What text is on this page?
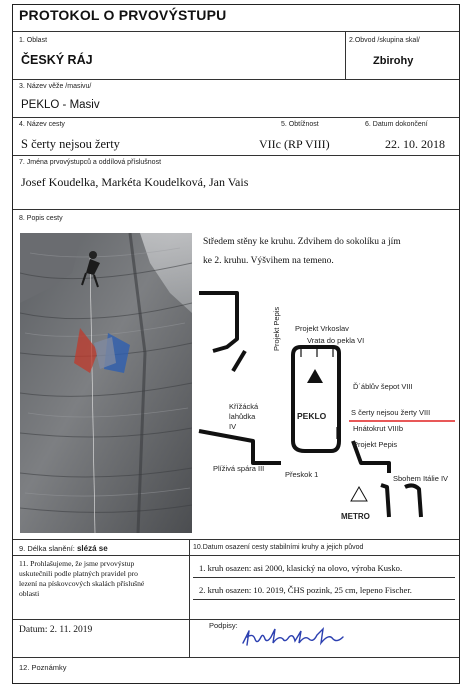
PROTOKOL O PRVOVÝSTUPU
1. Oblast
ČESKÝ RÁJ
2.Obvod /skupina skal/
Zbirohy
3. Název věže /masivu/
PEKLO - Masiv
4. Název cesty
S čerty nejsou žerty
5. Obtížnost
VIIc (RP VIII)
6. Datum dokončení
22. 10. 2018
7. Jména prvovýstupců a oddílová příslušnost
Josef Koudelka, Markéta Koudelková, Jan Vais
8. Popis cesty
Středem stěny ke kruhu. Zdvihem do sokolíku a jím
ke 2. kruhu. Výšvihem na temeno.
Projekt Pepis Projekt Vrkoslav
Vrata do pekla VI
Ď´áblův šepot VIII
Křížácká
lahůdka
IV
PEKLO	S čerty nejsou žerty VIII
Hnátokrut VIIIb
Projekt Pepis
Plíživá spára III
Přeskok 1	Sbohem Itálie IV
METRO
9. Délka slanění: slézá se	10.Datum osazení cesty stabilními kruhy a jejich původ
11. Prohlašujeme, že jsme prvovýstup
uskutečnili podle platných pravidel pro
lezení na pískovcových skalách příslušné
oblasti
1. kruh osazen: asi 2000, klasický na olovo, výroba Kusko.
2. kruh osazen: 10. 2019, ČHS pozink, 25 cm, lepeno Fischer.
Datum: 2. 11. 2019	Podpisy:
12. Poznámky
